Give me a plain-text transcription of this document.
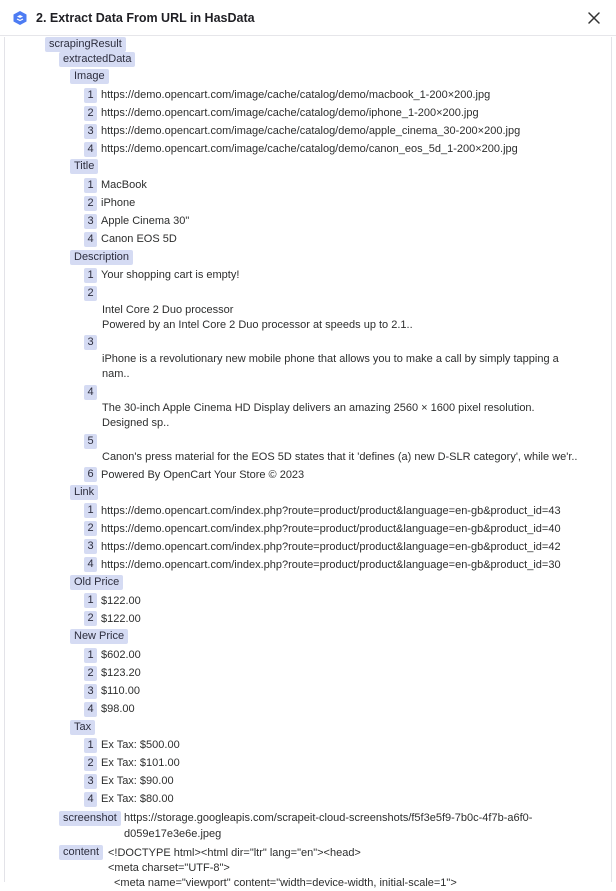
2. Extract Data From URL in HasData
scrapingResult
extractedData
Image
1 https://demo.opencart.com/image/cache/catalog/demo/macbook_1-200×200.jpg
2 https://demo.opencart.com/image/cache/catalog/demo/iphone_1-200×200.jpg
3 https://demo.opencart.com/image/cache/catalog/demo/apple_cinema_30-200×200.jpg
4 https://demo.opencart.com/image/cache/catalog/demo/canon_eos_5d_1-200×200.jpg
Title
1 MacBook
2 iPhone
3 Apple Cinema 30"
4 Canon EOS 5D
Description
1 Your shopping cart is empty!
2
Intel Core 2 Duo processor
Powered by an Intel Core 2 Duo processor at speeds up to 2.1..
3
iPhone is a revolutionary new mobile phone that allows you to make a call by simply tapping a
nam..
4
The 30-inch Apple Cinema HD Display delivers an amazing 2560 × 1600 pixel resolution.
Designed sp..
5
Canon's press material for the EOS 5D states that it 'defines (a) new D-SLR category', while we'r..
6 Powered By OpenCart Your Store © 2023
Link
1 https://demo.opencart.com/index.php?route=product/product&language=en-gb&product_id=43
2 https://demo.opencart.com/index.php?route=product/product&language=en-gb&product_id=40
3 https://demo.opencart.com/index.php?route=product/product&language=en-gb&product_id=42
4 https://demo.opencart.com/index.php?route=product/product&language=en-gb&product_id=30
Old Price
1 $122.00
2 $122.00
New Price
1 $602.00
2 $123.20
3 $110.00
4 $98.00
Tax
1 Ex Tax: $500.00
2 Ex Tax: $101.00
3 Ex Tax: $90.00
4 Ex Tax: $80.00
screenshot https://storage.googleapis.com/scrapeit-cloud-screenshots/f5f3e5f9-7b0c-4f7b-a6f0-
d059e17e3e6e.jpeg
content <!DOCTYPE html><html dir="ltr" lang="en"><head>
<meta charset="UTF-8">
<meta name="viewport" content="width=device-width, initial-scale=1">
